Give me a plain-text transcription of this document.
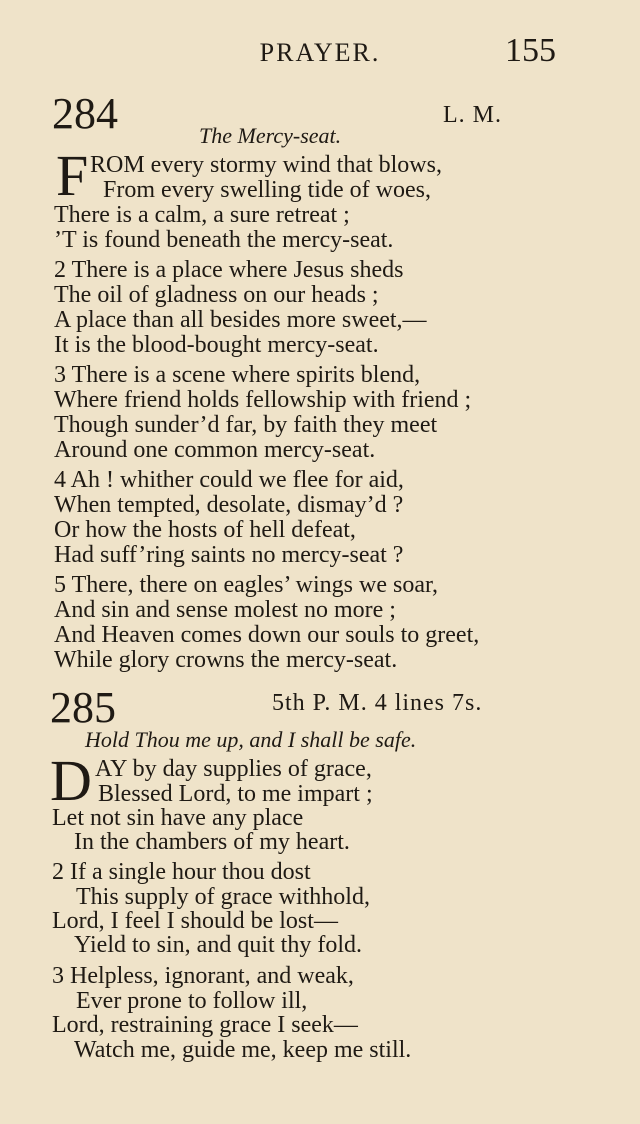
PRAYER.	155
284	L. M.
The Mercy-seat.
F ROM every stormy wind that blows,
From every swelling tide of woes,
There is a calm, a sure retreat ;
’T is found beneath the mercy-seat.
2 There is a place where Jesus sheds
The oil of gladness on our heads ;
A place than all besides more sweet,—
It is the blood-bought mercy-seat.
3 There is a scene where spirits blend,
Where friend holds fellowship with friend ;
Though sunder’d far, by faith they meet
Around one common mercy-seat.
4 Ah ! whither could we flee for aid,
When tempted, desolate, dismay’d ?
Or how the hosts of hell defeat,
Had suff’ring saints no mercy-seat ?
5 There, there on eagles’ wings we soar,
And sin and sense molest no more ;
And Heaven comes down our souls to greet,
While glory crowns the mercy-seat.
285	5th P. M. 4 lines 7s.
Hold Thou me up, and I shall be safe.
D AY by day supplies of grace,
Blessed Lord, to me impart ;
Let not sin have any place
In the chambers of my heart.
2 If a single hour thou dost
This supply of grace withhold,
Lord, I feel I should be lost—
Yield to sin, and quit thy fold.
3 Helpless, ignorant, and weak,
Ever prone to follow ill,
Lord, restraining grace I seek—
Watch me, guide me, keep me still.
